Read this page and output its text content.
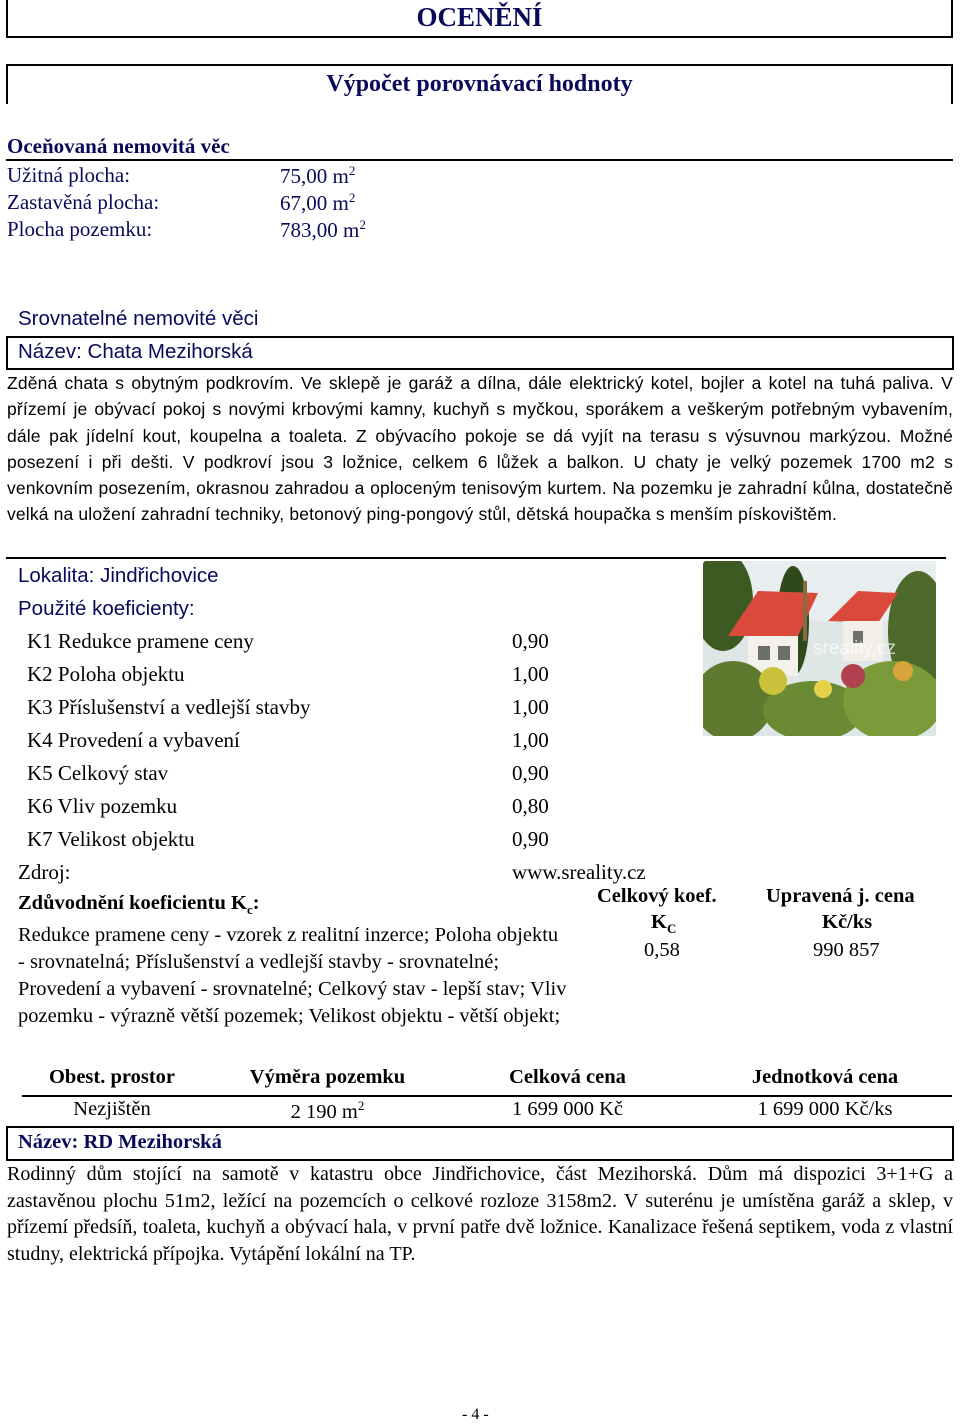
OCENĚNÍ
Výpočet porovnávací hodnoty
Oceňovaná nemovitá věc
Užitná plocha:	75,00 $m^2$
Zastavěná plocha:	67,00 $m^2$
Plocha pozemku:	783,00 $m^2$
Srovnatelné nemovité věci
Název: Chata Mezihorská
Zděná chata s obytným podkrovím. Ve sklepě je garáž a dílna, dále elektrický kotel, bojler a kotel na tuhá paliva. V přízemí je obývací pokoj s novými krbovými kamny, kuchyň s myčkou, sporákem a veškerým potřebným vybavením, dále pak jídelní kout, koupelna a toaleta. Z obývacího pokoje se dá vyjít na terasu s výsuvnou markýzou. Možné posezení i při dešti. V podkroví jsou 3 ložnice, celkem 6 lůžek a balkon. U chaty je velký pozemek 1700 m2 s venkovním posezením, okrasnou zahradou a oploceným tenisovým kurtem. Na pozemku je zahradní kůlna, dostatečně velká na uložení zahradní techniky, betonový ping-pongový stůl, dětská houpačka s menším pískovištěm.
Lokalita: Jindřichovice
Použité koeficienty:
K1 Redukce pramene ceny	0,90
K2 Poloha objektu	1,00
K3 Příslušenství a vedlejší stavby	1,00
K4 Provedení a vybavení	1,00
K5 Celkový stav	0,90
K6 Vliv pozemku	0,80
K7 Velikost objektu	0,90
Zdroj:	www.sreality.cz
sreality.cz
Zdůvodnění koeficientu $K_c$:
Redukce pramene ceny - vzorek z realitní inzerce; Poloha objektu - srovnatelná; Příslušenství a vedlejší stavby - srovnatelné; Provedení a vybavení - srovnatelné; Celkový stav - lepší stav; Vliv pozemku - výrazně větší pozemek; Velikost objektu - větší objekt;
Celkový koef.
$K_C$
0,58
Upravená j. cena
Kč/ks
990 857
Obest. prostor	Výměra pozemku	Celková cena	Jednotková cena
Nezjištěn	2 190 $m^2$	1 699 000 Kč	1 699 000 Kč/ks
Název: RD Mezihorská
Rodinný dům stojící na samotě v katastru obce Jindřichovice, část Mezihorská. Dům má dispozici 3+1+G a zastavěnou plochu 51m2, ležící na pozemcích o celkové rozloze 3158m2. V suterénu je umístěna garáž a sklep, v přízemí předsíň, toaleta, kuchyň a obývací hala, v první patře dvě ložnice. Kanalizace řešená septikem, voda z vlastní studny, elektrická přípojka. Vytápění lokální na TP.
- 4 -
